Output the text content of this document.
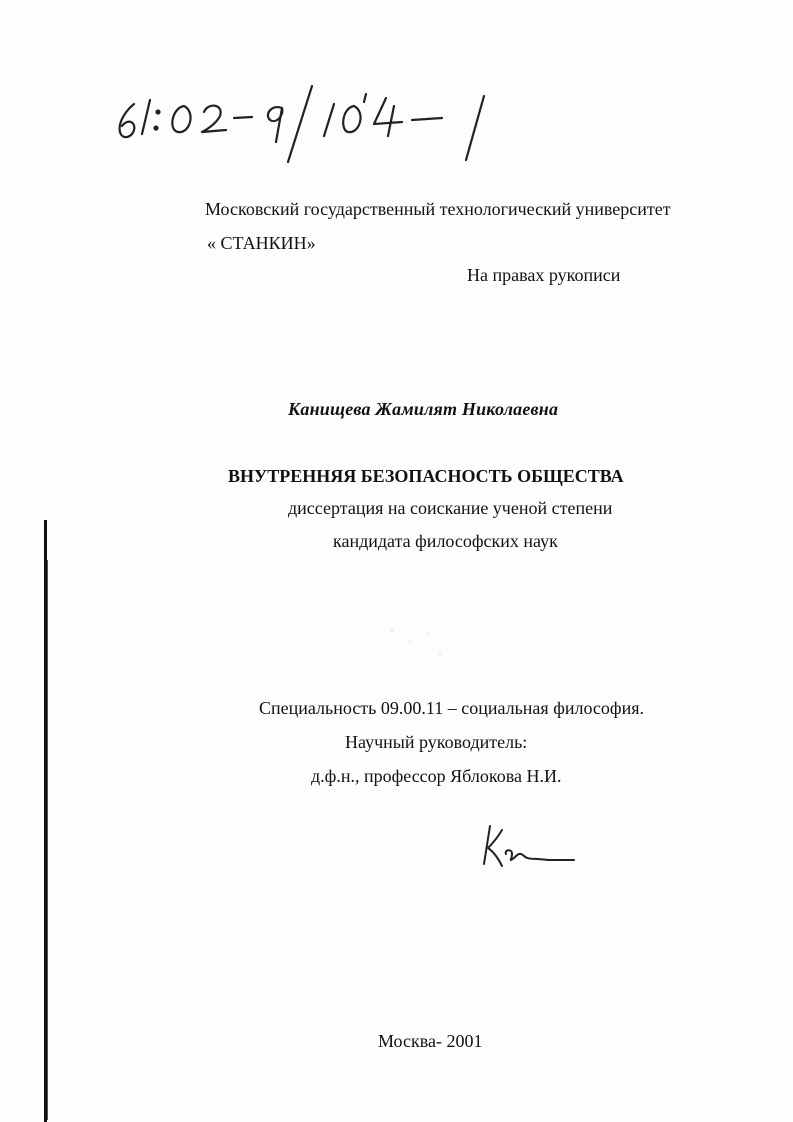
Московский государственный технологический университет
« СТАНКИН»
На правах рукописи
Канищева Жамилят Николаевна
ВНУТРЕННЯЯ БЕЗОПАСНОСТЬ ОБЩЕСТВА
диссертация на соискание ученой степени
кандидата философских наук
Специальность 09.00.11 – социальная философия.
Научный руководитель:
д.ф.н., профессор Яблокова Н.И.
Москва- 2001
